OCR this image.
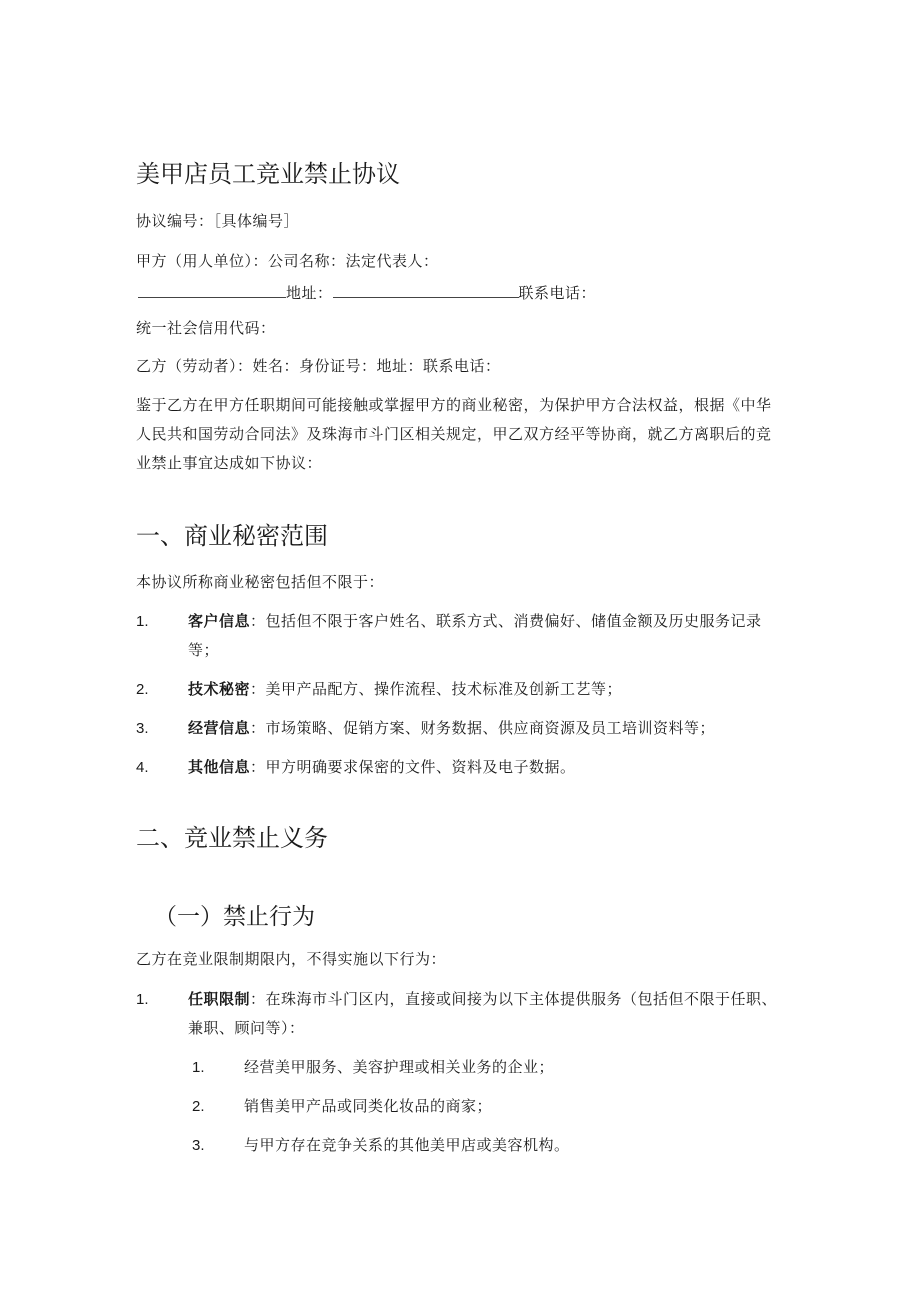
美甲店员工竞业禁止协议
协议编号：［具体编号］
甲方（用人单位）：公司名称：法定代表人：
地址：	联系电话：
统一社会信用代码：
乙方（劳动者）：姓名：身份证号：地址：联系电话：
鉴于乙方在甲方任职期间可能接触或掌握甲方的商业秘密，为保护甲方合法权益，根据《中华
人民共和国劳动合同法》及珠海市斗门区相关规定，甲乙双方经平等协商，就乙方离职后的竞
业禁止事宜达成如下协议：
一、商业秘密范围
本协议所称商业秘密包括但不限于：
1.	客户信息：包括但不限于客户姓名、联系方式、消费偏好、储值金额及历史服务记录
等；
2.	技术秘密：美甲产品配方、操作流程、技术标准及创新工艺等；
3.	经营信息：市场策略、促销方案、财务数据、供应商资源及员工培训资料等；
4.	其他信息：甲方明确要求保密的文件、资料及电子数据。
二、竞业禁止义务
（一）禁止行为
乙方在竞业限制期限内，不得实施以下行为：
1.	任职限制：在珠海市斗门区内，直接或间接为以下主体提供服务（包括但不限于任职、
兼职、顾问等）：
1.	经营美甲服务、美容护理或相关业务的企业；
2.	销售美甲产品或同类化妆品的商家；
3.	与甲方存在竞争关系的其他美甲店或美容机构。
